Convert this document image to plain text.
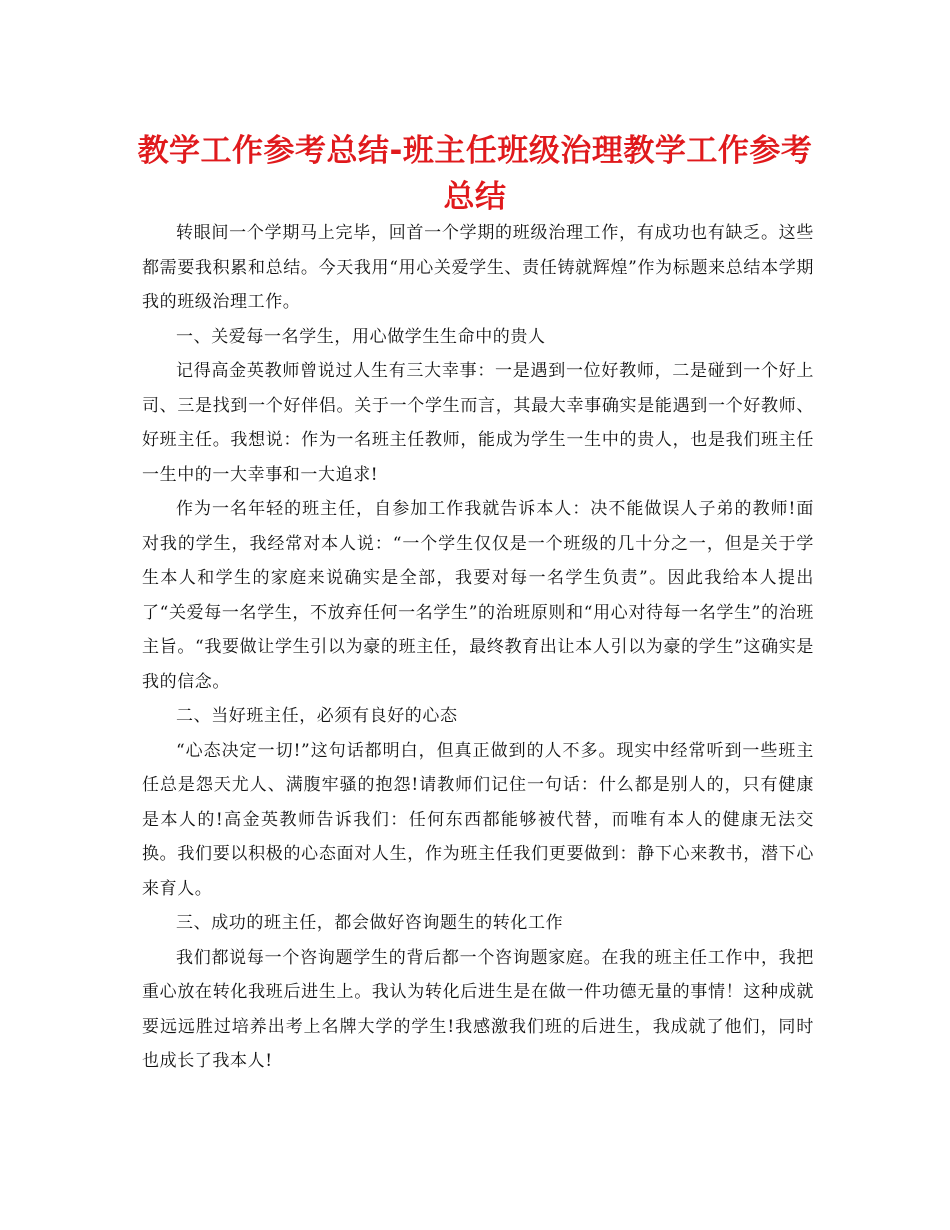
教学工作参考总结-班主任班级治理教学工作参考
总结

转眼间一个学期马上完毕，回首一个学期的班级治理工作，有成功也有缺乏。这些都需要我积累和总结。今天我用“用心关爱学生、责任铸就辉煌”作为标题来总结本学期我的班级治理工作。

一、关爱每一名学生，用心做学生生命中的贵人

记得高金英教师曾说过人生有三大幸事：一是遇到一位好教师，二是碰到一个好上司、三是找到一个好伴侣。关于一个学生而言，其最大幸事确实是能遇到一个好教师、好班主任。我想说：作为一名班主任教师，能成为学生一生中的贵人，也是我们班主任一生中的一大幸事和一大追求!

作为一名年轻的班主任，自参加工作我就告诉本人：决不能做误人子弟的教师!面对我的学生，我经常对本人说：“一个学生仅仅是一个班级的几十分之一，但是关于学生本人和学生的家庭来说确实是全部，我要对每一名学生负责”。因此我给本人提出了“关爱每一名学生，不放弃任何一名学生”的治班原则和“用心对待每一名学生”的治班主旨。“我要做让学生引以为豪的班主任，最终教育出让本人引以为豪的学生”这确实是我的信念。

二、当好班主任，必须有良好的心态

“心态决定一切!”这句话都明白，但真正做到的人不多。现实中经常听到一些班主任总是怨天尤人、满腹牢骚的抱怨!请教师们记住一句话：什么都是别人的，只有健康是本人的!高金英教师告诉我们：任何东西都能够被代替，而唯有本人的健康无法交换。我们要以积极的心态面对人生，作为班主任我们更要做到：静下心来教书，潜下心来育人。

三、成功的班主任，都会做好咨询题生的转化工作

我们都说每一个咨询题学生的背后都一个咨询题家庭。在我的班主任工作中，我把重心放在转化我班后进生上。我认为转化后进生是在做一件功德无量的事情！这种成就要远远胜过培养出考上名牌大学的学生!我感激我们班的后进生，我成就了他们，同时也成长了我本人!
